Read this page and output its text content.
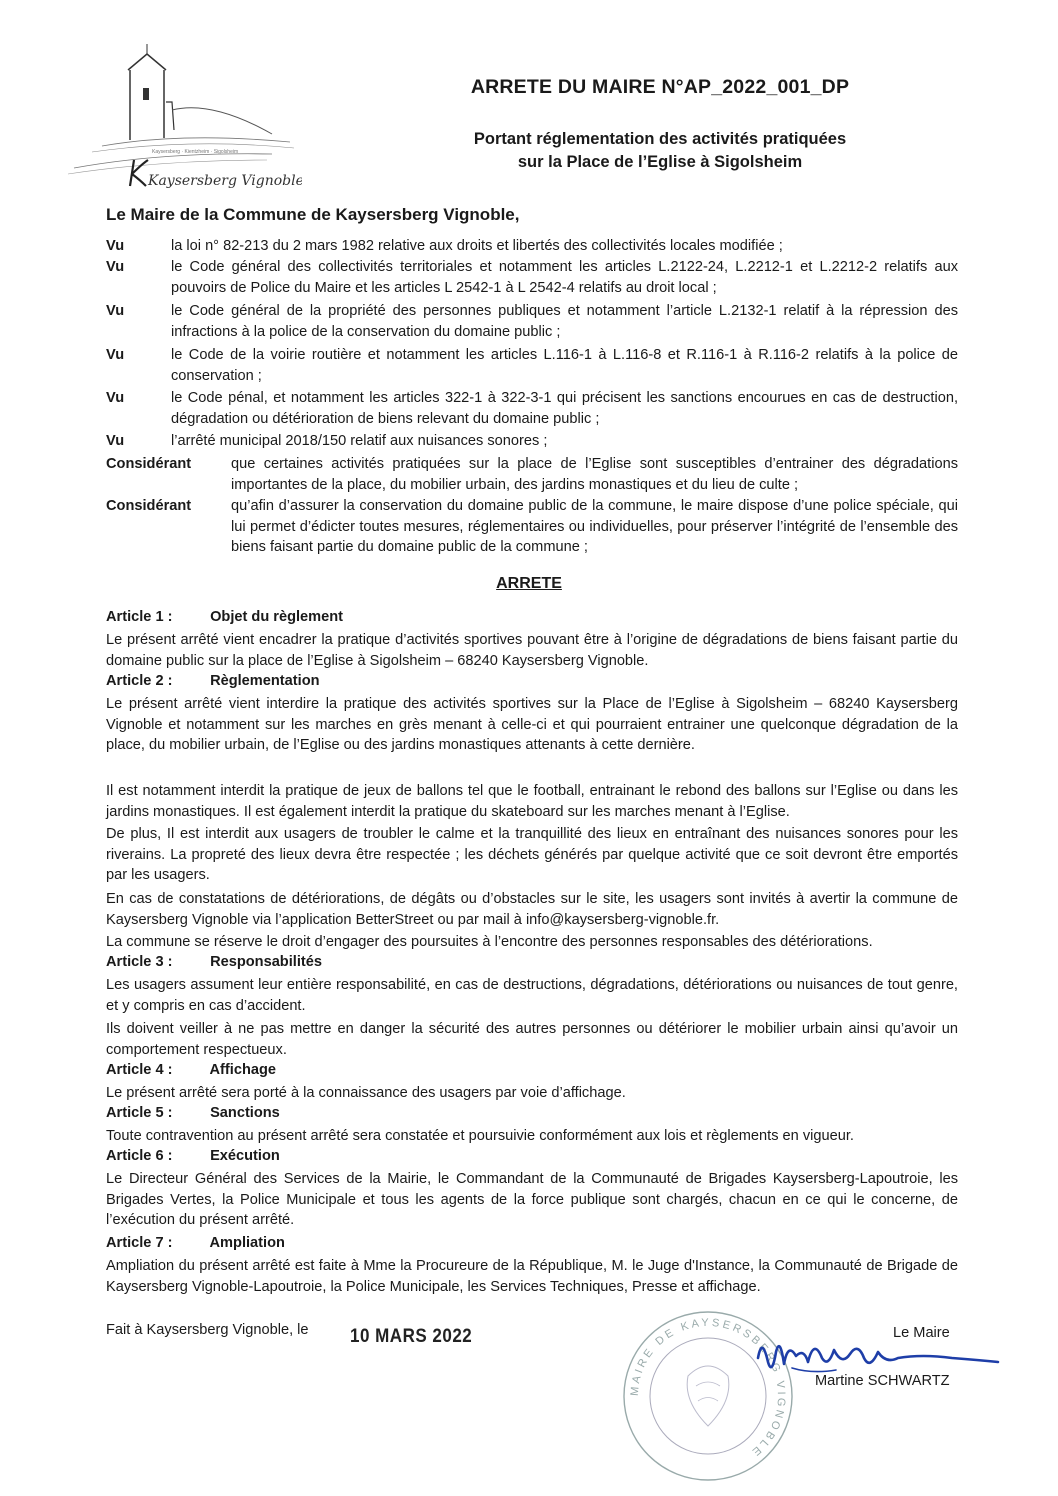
Kaysersberg · Kientzheim · Sigolsheim
Kaysersberg Vignoble
ARRETE DU MAIRE N°AP_2022_001_DP
Portant réglementation des activités pratiquées
sur la Place de l’Eglise à Sigolsheim
Le Maire de la Commune de Kaysersberg Vignoble,
Vu	la loi n° 82-213 du 2 mars 1982 relative aux droits et libertés des collectivités locales modifiée ;
Vu	le Code général des collectivités territoriales et notamment les articles L.2122-24, L.2212-1 et L.2212-2 relatifs aux pouvoirs de Police du Maire et les articles L 2542-1 à L 2542-4 relatifs au droit local ;
Vu	le Code général de la propriété des personnes publiques et notamment l’article L.2132-1 relatif à la répression des infractions à la police de la conservation du domaine public ;
Vu	le Code de la voirie routière et notamment les articles L.116-1 à L.116-8 et R.116-1 à R.116-2 relatifs à la police de conservation ;
Vu	le Code pénal, et notamment les articles 322-1 à 322-3-1 qui précisent les sanctions encourues en cas de destruction, dégradation ou détérioration de biens relevant du domaine public ;
Vu	l’arrêté municipal 2018/150 relatif aux nuisances sonores ;
Considérant	que certaines activités pratiquées sur la place de l’Eglise sont susceptibles d’entrainer des dégradations importantes de la place, du mobilier urbain, des jardins monastiques et du lieu de culte ;
Considérant	qu’afin d’assurer la conservation du domaine public de la commune, le maire dispose d’une police spéciale, qui lui permet d’édicter toutes mesures, réglementaires ou individuelles, pour préserver l’intégrité de l’ensemble des biens faisant partie du domaine public de la commune ;
ARRETE
Article 1 :	Objet du règlement
Le présent arrêté vient encadrer la pratique d’activités sportives pouvant être à l’origine de dégradations de biens faisant partie du domaine public sur la place de l’Eglise à Sigolsheim – 68240 Kaysersberg Vignoble.
Article 2 :	Règlementation
Le présent arrêté vient interdire la pratique des activités sportives sur la Place de l’Eglise à Sigolsheim – 68240 Kaysersberg Vignoble et notamment sur les marches en grès menant à celle-ci et qui pourraient entrainer une quelconque dégradation de la place, du mobilier urbain, de l’Eglise ou des jardins monastiques attenants à cette dernière.
Il est notamment interdit la pratique de jeux de ballons tel que le football, entrainant le rebond des ballons sur l’Eglise ou dans les jardins monastiques. Il est également interdit la pratique du skateboard sur les marches menant à l’Eglise.
De plus, Il est interdit aux usagers de troubler le calme et la tranquillité des lieux en entraînant des nuisances sonores pour les riverains. La propreté des lieux devra être respectée ; les déchets générés par quelque activité que ce soit devront être emportés par les usagers.
En cas de constatations de détériorations, de dégâts ou d’obstacles sur le site, les usagers sont invités à avertir la commune de Kaysersberg Vignoble via l’application BetterStreet ou par mail à info@kaysersberg-vignoble.fr.
La commune se réserve le droit d’engager des poursuites à l’encontre des personnes responsables des détériorations.
Article 3 :	Responsabilités
Les usagers assument leur entière responsabilité, en cas de destructions, dégradations, détériorations ou nuisances de tout genre, et y compris en cas d’accident.
Ils doivent veiller à ne pas mettre en danger la sécurité des autres personnes ou détériorer le mobilier urbain ainsi qu’avoir un comportement respectueux.
Article 4 :	Affichage
Le présent arrêté sera porté à la connaissance des usagers par voie d’affichage.
Article 5 :	Sanctions
Toute contravention au présent arrêté sera constatée et poursuivie conformément aux lois et règlements en vigueur.
Article 6 :	Exécution
Le Directeur Général des Services de la Mairie, le Commandant de la Communauté de Brigades Kaysersberg-Lapoutroie, les Brigades Vertes, la Police Municipale et tous les agents de la force publique sont chargés, chacun en ce qui le concerne, de l’exécution du présent arrêté.
Article 7 :	Ampliation
Ampliation du présent arrêté est faite à Mme la Procureure de la République, M. le Juge d'Instance, la Communauté de Brigade de Kaysersberg Vignoble-Lapoutroie, la Police Municipale, les Services Techniques, Presse et affichage.
Fait à Kaysersberg Vignoble, le 10 MARS 2022
MAIRE DE KAYSERSBERG VIGNOBLE
Le Maire
Martine SCHWARTZ
